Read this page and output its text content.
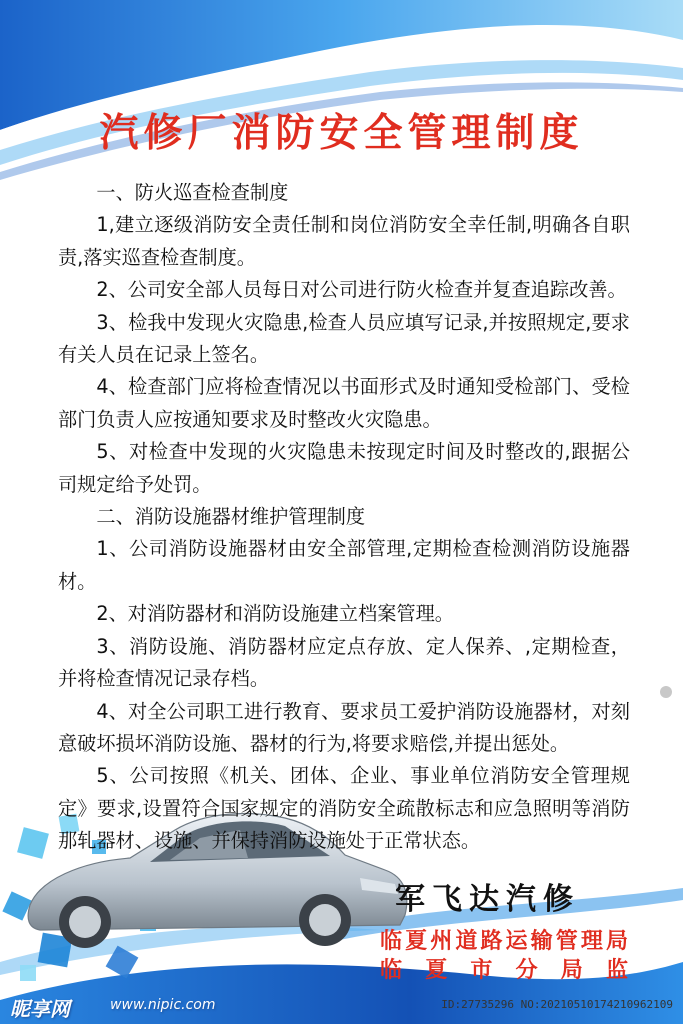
汽修厂消防安全管理制度

一、防火巡查检查制度

1,建立逐级消防安全责任制和岗位消防安全幸任制,明确各自职责,落实巡查检查制度。

2、公司安全部人员每日对公司进行防火检查并复查追踪改善。

3、检我中发现火灾隐患,检查人员应填写记录,并按照规定,要求有关人员在记录上签名。

4、检查部门应将检查情况以书面形式及时通知受检部门、受检部门负责人应按通知要求及时整改火灾隐患。

5、对检查中发现的火灾隐患未按现定时间及时整改的,跟据公司规定给予处罚。

二、消防设施器材维护管理制度

1、公司消防设施器材由安全部管理,定期检查检测消防设施器材。

2、对消防器材和消防设施建立档案管理。

3、消防设施、消防器材应定点存放、定人保养、,定期检查，并将检查情况记录存档。

4、对全公司职工进行教育、要求员工爱护消防设施器材，对刻意破坏损坏消防设施、器材的行为,将要求赔偿,并提出惩处。

5、公司按照《机关、团体、企业、事业单位消防安全管理规定》要求,设置符合国家规定的消防安全疏散标志和应急照明等消防那轧器材、设施、并保持消防设施处于正常状态。

军飞达汽修
临夏州道路运输管理局
临夏市分局监
昵享网	www.nipic.com	ID:27735296 NO:20210510174210962109
